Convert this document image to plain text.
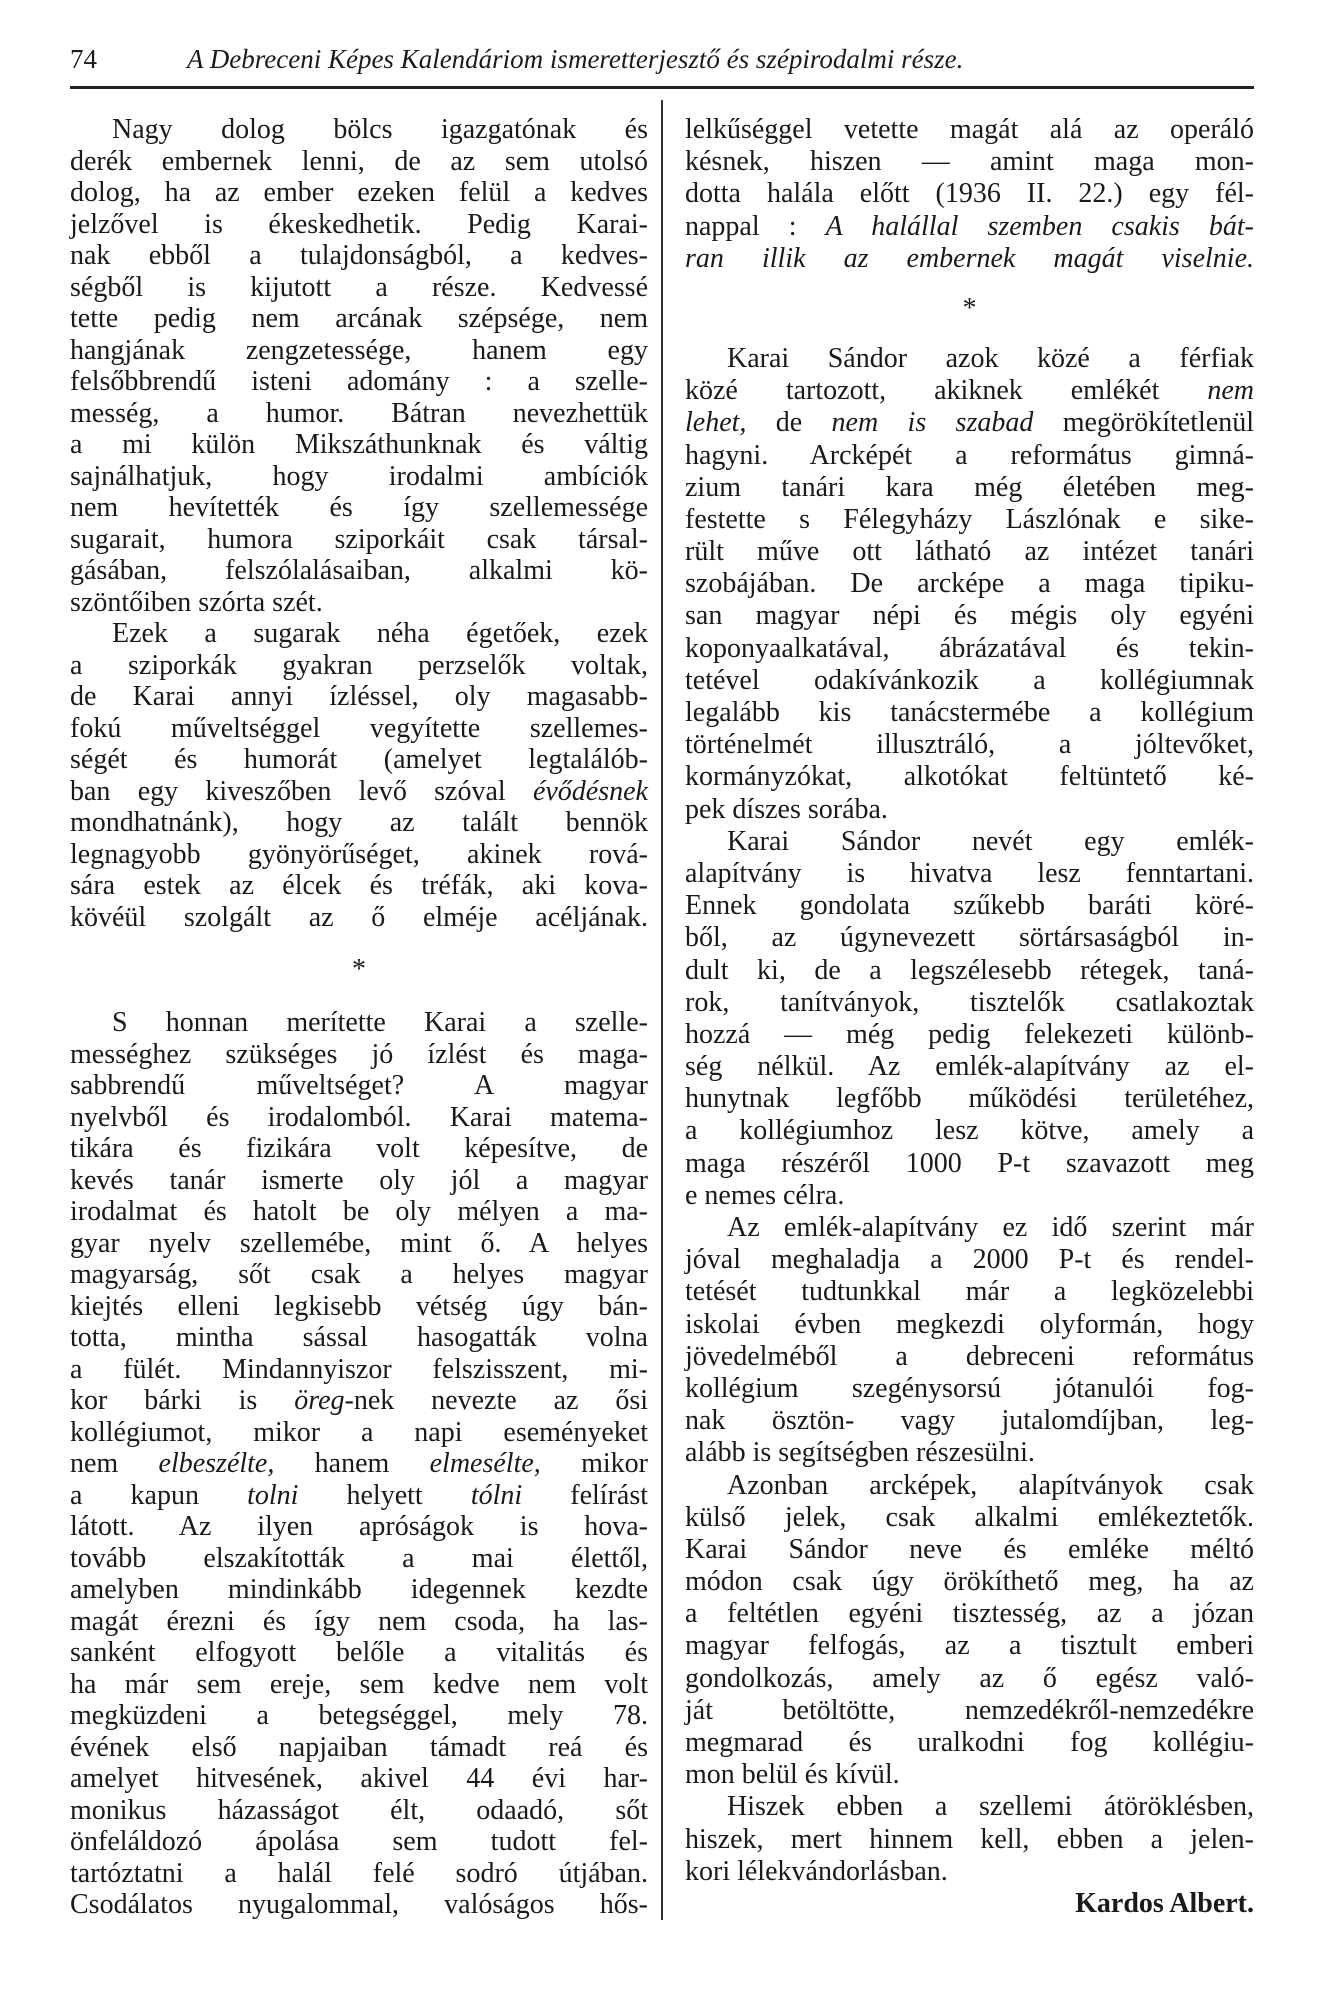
74	A Debreceni Képes Kalendáriom ismeretterjesztő és szépirodalmi része.
Nagy dolog bölcs igazgatónak és
derék embernek lenni, de az sem utolsó
dolog, ha az ember ezeken felül a kedves
jelzővel is ékeskedhetik. Pedig Karai-
nak ebből a tulajdonságból, a kedves-
ségből is kijutott a része. Kedvessé
tette pedig nem arcának szépsége, nem
hangjának zengzetessége, hanem egy
felsőbbrendű isteni adomány : a szelle-
messég, a humor. Bátran nevezhettük
a mi külön Mikszáthunknak és váltig
sajnálhatjuk, hogy irodalmi ambíciók
nem hevítették és így szellemessége
sugarait, humora sziporkáit csak társal-
gásában, felszólalásaiban, alkalmi kö-
szöntőiben szórta szét.
Ezek a sugarak néha égetőek, ezek
a sziporkák gyakran perzselők voltak,
de Karai annyi ízléssel, oly magasabb-
fokú műveltséggel vegyítette szellemes-
ségét és humorát (amelyet legtalálób-
ban egy kiveszőben levő szóval évődésnek
mondhatnánk), hogy az talált bennök
legnagyobb gyönyörűséget, akinek rová-
sára estek az élcek és tréfák, aki kova-
kövéül szolgált az ő elméje acéljának.
*
S honnan merítette Karai a szelle-
mességhez szükséges jó ízlést és maga-
sabbrendű műveltséget? A magyar
nyelvből és irodalomból. Karai matema-
tikára és fizikára volt képesítve, de
kevés tanár ismerte oly jól a magyar
irodalmat és hatolt be oly mélyen a ma-
gyar nyelv szellemébe, mint ő. A helyes
magyarság, sőt csak a helyes magyar
kiejtés elleni legkisebb vétség úgy bán-
totta, mintha sással hasogatták volna
a fülét. Mindannyiszor felszisszent, mi-
kor bárki is öreg-nek nevezte az ősi
kollégiumot, mikor a napi eseményeket
nem elbeszélte, hanem elmesélte, mikor
a kapun tolni helyett tólni felírást
látott. Az ilyen apróságok is hova-
tovább elszakították a mai élettől,
amelyben mindinkább idegennek kezdte
magát érezni és így nem csoda, ha las-
sanként elfogyott belőle a vitalitás és
ha már sem ereje, sem kedve nem volt
megküzdeni a betegséggel, mely 78.
évének első napjaiban támadt reá és
amelyet hitvesének, akivel 44 évi har-
monikus házasságot élt, odaadó, sőt
önfeláldozó ápolása sem tudott fel-
tartóztatni a halál felé sodró útjában.
Csodálatos nyugalommal, valóságos hős-
lelkűséggel vetette magát alá az operáló
késnek, hiszen — amint maga mon-
dotta halála előtt (1936 II. 22.) egy fél-
nappal : A halállal szemben csakis bát-
ran illik az embernek magát viselnie.
*
Karai Sándor azok közé a férfiak
közé tartozott, akiknek emlékét nem
lehet, de nem is szabad megörökítetlenül
hagyni. Arcképét a református gimná-
zium tanári kara még életében meg-
festette s Félegyházy Lászlónak e sike-
rült műve ott látható az intézet tanári
szobájában. De arcképe a maga tipiku-
san magyar népi és mégis oly egyéni
koponyaalkatával, ábrázatával és tekin-
tetével odakívánkozik a kollégiumnak
legalább kis tanácstermébe a kollégium
történelmét illusztráló, a jóltevőket,
kormányzókat, alkotókat feltüntető ké-
pek díszes sorába.
Karai Sándor nevét egy emlék-
alapítvány is hivatva lesz fenntartani.
Ennek gondolata szűkebb baráti köré-
ből, az úgynevezett sörtársaságból in-
dult ki, de a legszélesebb rétegek, taná-
rok, tanítványok, tisztelők csatlakoztak
hozzá — még pedig felekezeti különb-
ség nélkül. Az emlék-alapítvány az el-
hunytnak legfőbb működési területéhez,
a kollégiumhoz lesz kötve, amely a
maga részéről 1000 P-t szavazott meg
e nemes célra.
Az emlék-alapítvány ez idő szerint már
jóval meghaladja a 2000 P-t és rendel-
tetését tudtunkkal már a legközelebbi
iskolai évben megkezdi olyformán, hogy
jövedelméből a debreceni református
kollégium szegénysorsú jótanulói fog-
nak ösztön- vagy jutalomdíjban, leg-
alább is segítségben részesülni.
Azonban arcképek, alapítványok csak
külső jelek, csak alkalmi emlékeztetők.
Karai Sándor neve és emléke méltó
módon csak úgy örökíthető meg, ha az
a feltétlen egyéni tisztesség, az a józan
magyar felfogás, az a tisztult emberi
gondolkozás, amely az ő egész való-
ját betöltötte, nemzedékről-nemzedékre
megmarad és uralkodni fog kollégiu-
mon belül és kívül.
Hiszek ebben a szellemi átöröklésben,
hiszek, mert hinnem kell, ebben a jelen-
kori lélekvándorlásban.
Kardos Albert.
